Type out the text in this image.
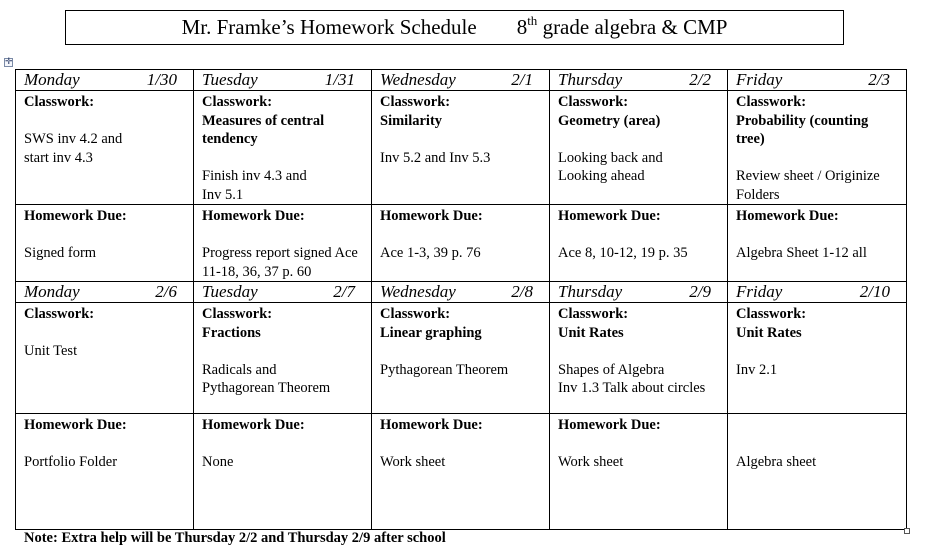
Mr. Framke’s Homework Schedule 8th grade algebra & CMP
✛
Monday 1/30	Tuesday 1/31	Wednesday 2/1	Thursday 2/2	Friday 2/3

Classwork:
SWS inv 4.2 and
start inv 4.3	Classwork:
Measures of central tendency
Finish inv 4.3 and
Inv 5.1	Classwork:
Similarity
Inv 5.2 and Inv 5.3	Classwork:
Geometry (area)
Looking back and
Looking ahead	Classwork:
Probability (counting tree)
Review sheet / Originize Folders

Homework Due:
Signed form	Homework Due:
Progress report signed Ace 11-18, 36, 37 p. 60	Homework Due:
Ace 1-3, 39 p. 76	Homework Due:
Ace 8, 10-12, 19 p. 35	Homework Due:
Algebra Sheet 1-12 all

Monday 2/6	Tuesday 2/7	Wednesday 2/8	Thursday 2/9	Friday 2/10

Classwork:
Unit Test	Classwork:
Fractions
Radicals and
Pythagorean Theorem	Classwork:
Linear graphing
Pythagorean Theorem	Classwork:
Unit Rates
Shapes of Algebra
Inv 1.3 Talk about circles	Classwork:
Unit Rates
Inv 2.1

Homework Due:
Portfolio Folder	Homework Due:
None	Homework Due:
Work sheet	Homework Due:
Work sheet	Algebra sheet
Note: Extra help will be Thursday 2/2 and Thursday 2/9 after school
